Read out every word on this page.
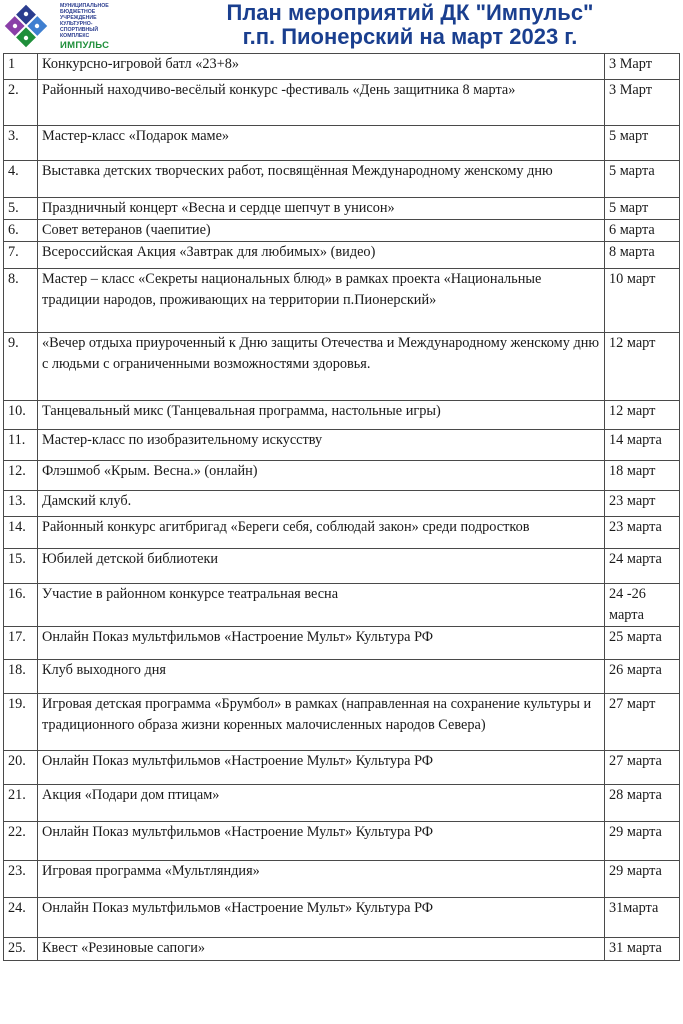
МУНИЦИПАЛЬНОЕ
БЮДЖЕТНОЕ
УЧРЕЖДЕНИЕ
КУЛЬТУРНО-
СПОРТИВНЫЙ
КОМПЛЕКС
ИМПУЛЬС
План мероприятий ДК "Импульс"
г.п. Пионерский на март 2023 г.
1	Конкурсно-игровой батл «23+8»	3 Март
2.	Районный находчиво-весёлый конкурс -фестиваль «День защитника 8 марта»	3 Март
3.	Мастер-класс «Подарок маме»	5 март
4.	Выставка детских творческих работ, посвящённая Международному женскому дню	5 марта
5.	Праздничный концерт «Весна и сердце шепчут в унисон»	5 март
6.	Совет ветеранов (чаепитие)	6 марта
7.	Всероссийская Акция «Завтрак для любимых» (видео)	8 марта
8.	Мастер – класс «Секреты национальных блюд» в рамках проекта «Национальные традиции народов, проживающих на территории п.Пионерский»	10 март
9.	«Вечер отдыха приуроченный к Дню защиты Отечества и Международному женскому дню с людьми с ограниченными возможностями здоровья.	12 март
10.	Танцевальный микс (Танцевальная программа, настольные игры)	12 март
11.	Мастер-класс по изобразительному искусству	14 марта
12.	Флэшмоб «Крым. Весна.» (онлайн)	18 март
13.	Дамский клуб.	23 март
14.	Районный конкурс агитбригад «Береги себя, соблюдай закон» среди подростков	23 марта
15.	Юбилей детской библиотеки	24 марта
16.	Участие в районном конкурсе театральная весна	24 -26 марта
17.	Онлайн Показ мультфильмов «Настроение Мульт» Культура РФ	25 марта
18.	Клуб выходного дня	26 марта
19.	Игровая детская программа «Брумбол» в рамках (направленная на сохранение культуры и традиционного образа жизни коренных малочисленных народов Севера)	27 март
20.	Онлайн Показ мультфильмов «Настроение Мульт» Культура РФ	27 марта
21.	Акция «Подари дом птицам»	28 марта
22.	Онлайн Показ мультфильмов «Настроение Мульт» Культура РФ	29 марта
23.	Игровая программа «Мультляндия»	29 марта
24.	Онлайн Показ мультфильмов «Настроение Мульт» Культура РФ	31марта
25.	Квест «Резиновые сапоги»	31 марта
